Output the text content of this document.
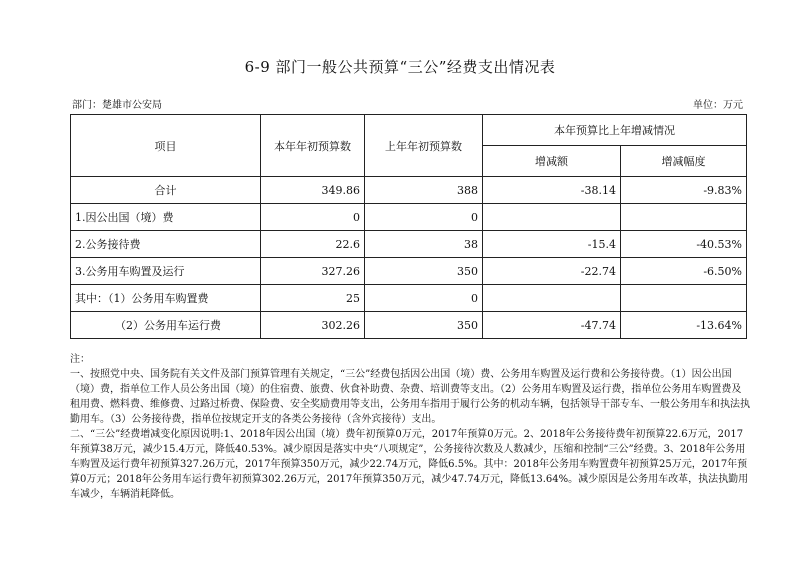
6-9 部门一般公共预算“三公”经费支出情况表
部门：楚雄市公安局	单位：万元
项目	本年年初预算数	上年年初预算数	本年预算比上年增减情况	
			增减额	增减幅度
合计	349.86	388	-38.14	-9.83%
1.因公出国（境）费	0	0		
2.公务接待费	22.6	38	-15.4	-40.53%
3.公务用车购置及运行	327.26	350	-22.74	-6.50%
其中：（1）公务用车购置费	25	0		
（2）公务用车运行费	302.26	350	-47.74	-13.64%

注：

一、按照党中央、国务院有关文件及部门预算管理有关规定，“三公”经费包括因公出国（境）费、公务用车购置及运行费和公务接待费。（1）因公出国（境）费，指单位工作人员公务出国（境）的住宿费、旅费、伙食补助费、杂费、培训费等支出。（2）公务用车购置及运行费，指单位公务用车购置费及租用费、燃料费、维修费、过路过桥费、保险费、安全奖励费用等支出，公务用车指用于履行公务的机动车辆，包括领导干部专车、一般公务用车和执法执勤用车。（3）公务接待费，指单位按规定开支的各类公务接待（含外宾接待）支出。

二、“三公”经费增减变化原因说明:1、2018年因公出国（境）费年初预算0万元，2017年预算0万元。2、2018年公务接待费年初预算22.6万元，2017年预算38万元，减少15.4万元，降低40.53%。减少原因是落实中央“八项规定”，公务接待次数及人数减少，压缩和控制“三公”经费。3、2018年公务用车购置及运行费年初预算327.26万元，2017年预算350万元，减少22.74万元，降低6.5%。其中：2018年公务用车购置费年初预算25万元，2017年预算0万元；2018年公务用车运行费年初预算302.26万元，2017年预算350万元，减少47.74万元，降低13.64%。减少原因是公务用车改革，执法执勤用车减少，车辆消耗降低。
